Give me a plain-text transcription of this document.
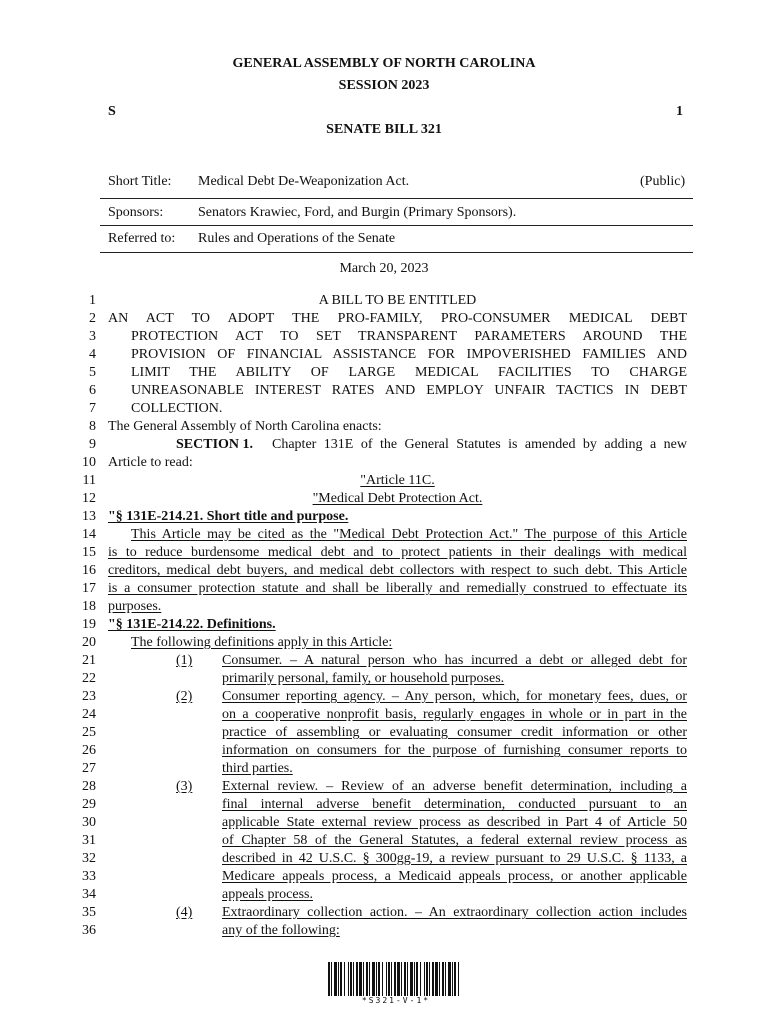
GENERAL ASSEMBLY OF NORTH CAROLINA
SESSION 2023
S	1
SENATE BILL 321
Short Title: Medical Debt De-Weaponization Act.	(Public)
Sponsors: Senators Krawiec, Ford, and Burgin (Primary Sponsors).
Referred to: Rules and Operations of the Senate
March 20, 2023
1
2
3
4
5
6
7
8
9
10
11
12
13
14
15
16
17
18
19
20
21
22
23
24
25
26
27
28
29
30
31
32
33
34
35
36
A BILL TO BE ENTITLED
AN ACT TO ADOPT THE PRO-FAMILY, PRO-CONSUMER MEDICAL DEBT
PROTECTION ACT TO SET TRANSPARENT PARAMETERS AROUND THE
PROVISION OF FINANCIAL ASSISTANCE FOR IMPOVERISHED FAMILIES AND
LIMIT THE ABILITY OF LARGE MEDICAL FACILITIES TO CHARGE
UNREASONABLE INTEREST RATES AND EMPLOY UNFAIR TACTICS IN DEBT
COLLECTION.
The General Assembly of North Carolina enacts:
SECTION 1. Chapter 131E of the General Statutes is amended by adding a new
Article to read:
"Article 11C.
"Medical Debt Protection Act.
"§ 131E-214.21. Short title and purpose.
This Article may be cited as the "Medical Debt Protection Act." The purpose of this Article
is to reduce burdensome medical debt and to protect patients in their dealings with medical
creditors, medical debt buyers, and medical debt collectors with respect to such debt. This Article
is a consumer protection statute and shall be liberally and remedially construed to effectuate its
purposes.
"§ 131E-214.22. Definitions.
The following definitions apply in this Article:
(1) Consumer. – A natural person who has incurred a debt or alleged debt for
primarily personal, family, or household purposes.
(2) Consumer reporting agency. – Any person, which, for monetary fees, dues, or
on a cooperative nonprofit basis, regularly engages in whole or in part in the
practice of assembling or evaluating consumer credit information or other
information on consumers for the purpose of furnishing consumer reports to
third parties.
(3) External review. – Review of an adverse benefit determination, including a
final internal adverse benefit determination, conducted pursuant to an
applicable State external review process as described in Part 4 of Article 50
of Chapter 58 of the General Statutes, a federal external review process as
described in 42 U.S.C. § 300gg-19, a review pursuant to 29 U.S.C. § 1133, a
Medicare appeals process, a Medicaid appeals process, or another applicable
appeals process.
(4) Extraordinary collection action. – An extraordinary collection action includes
any of the following:
*S321-V-1*
